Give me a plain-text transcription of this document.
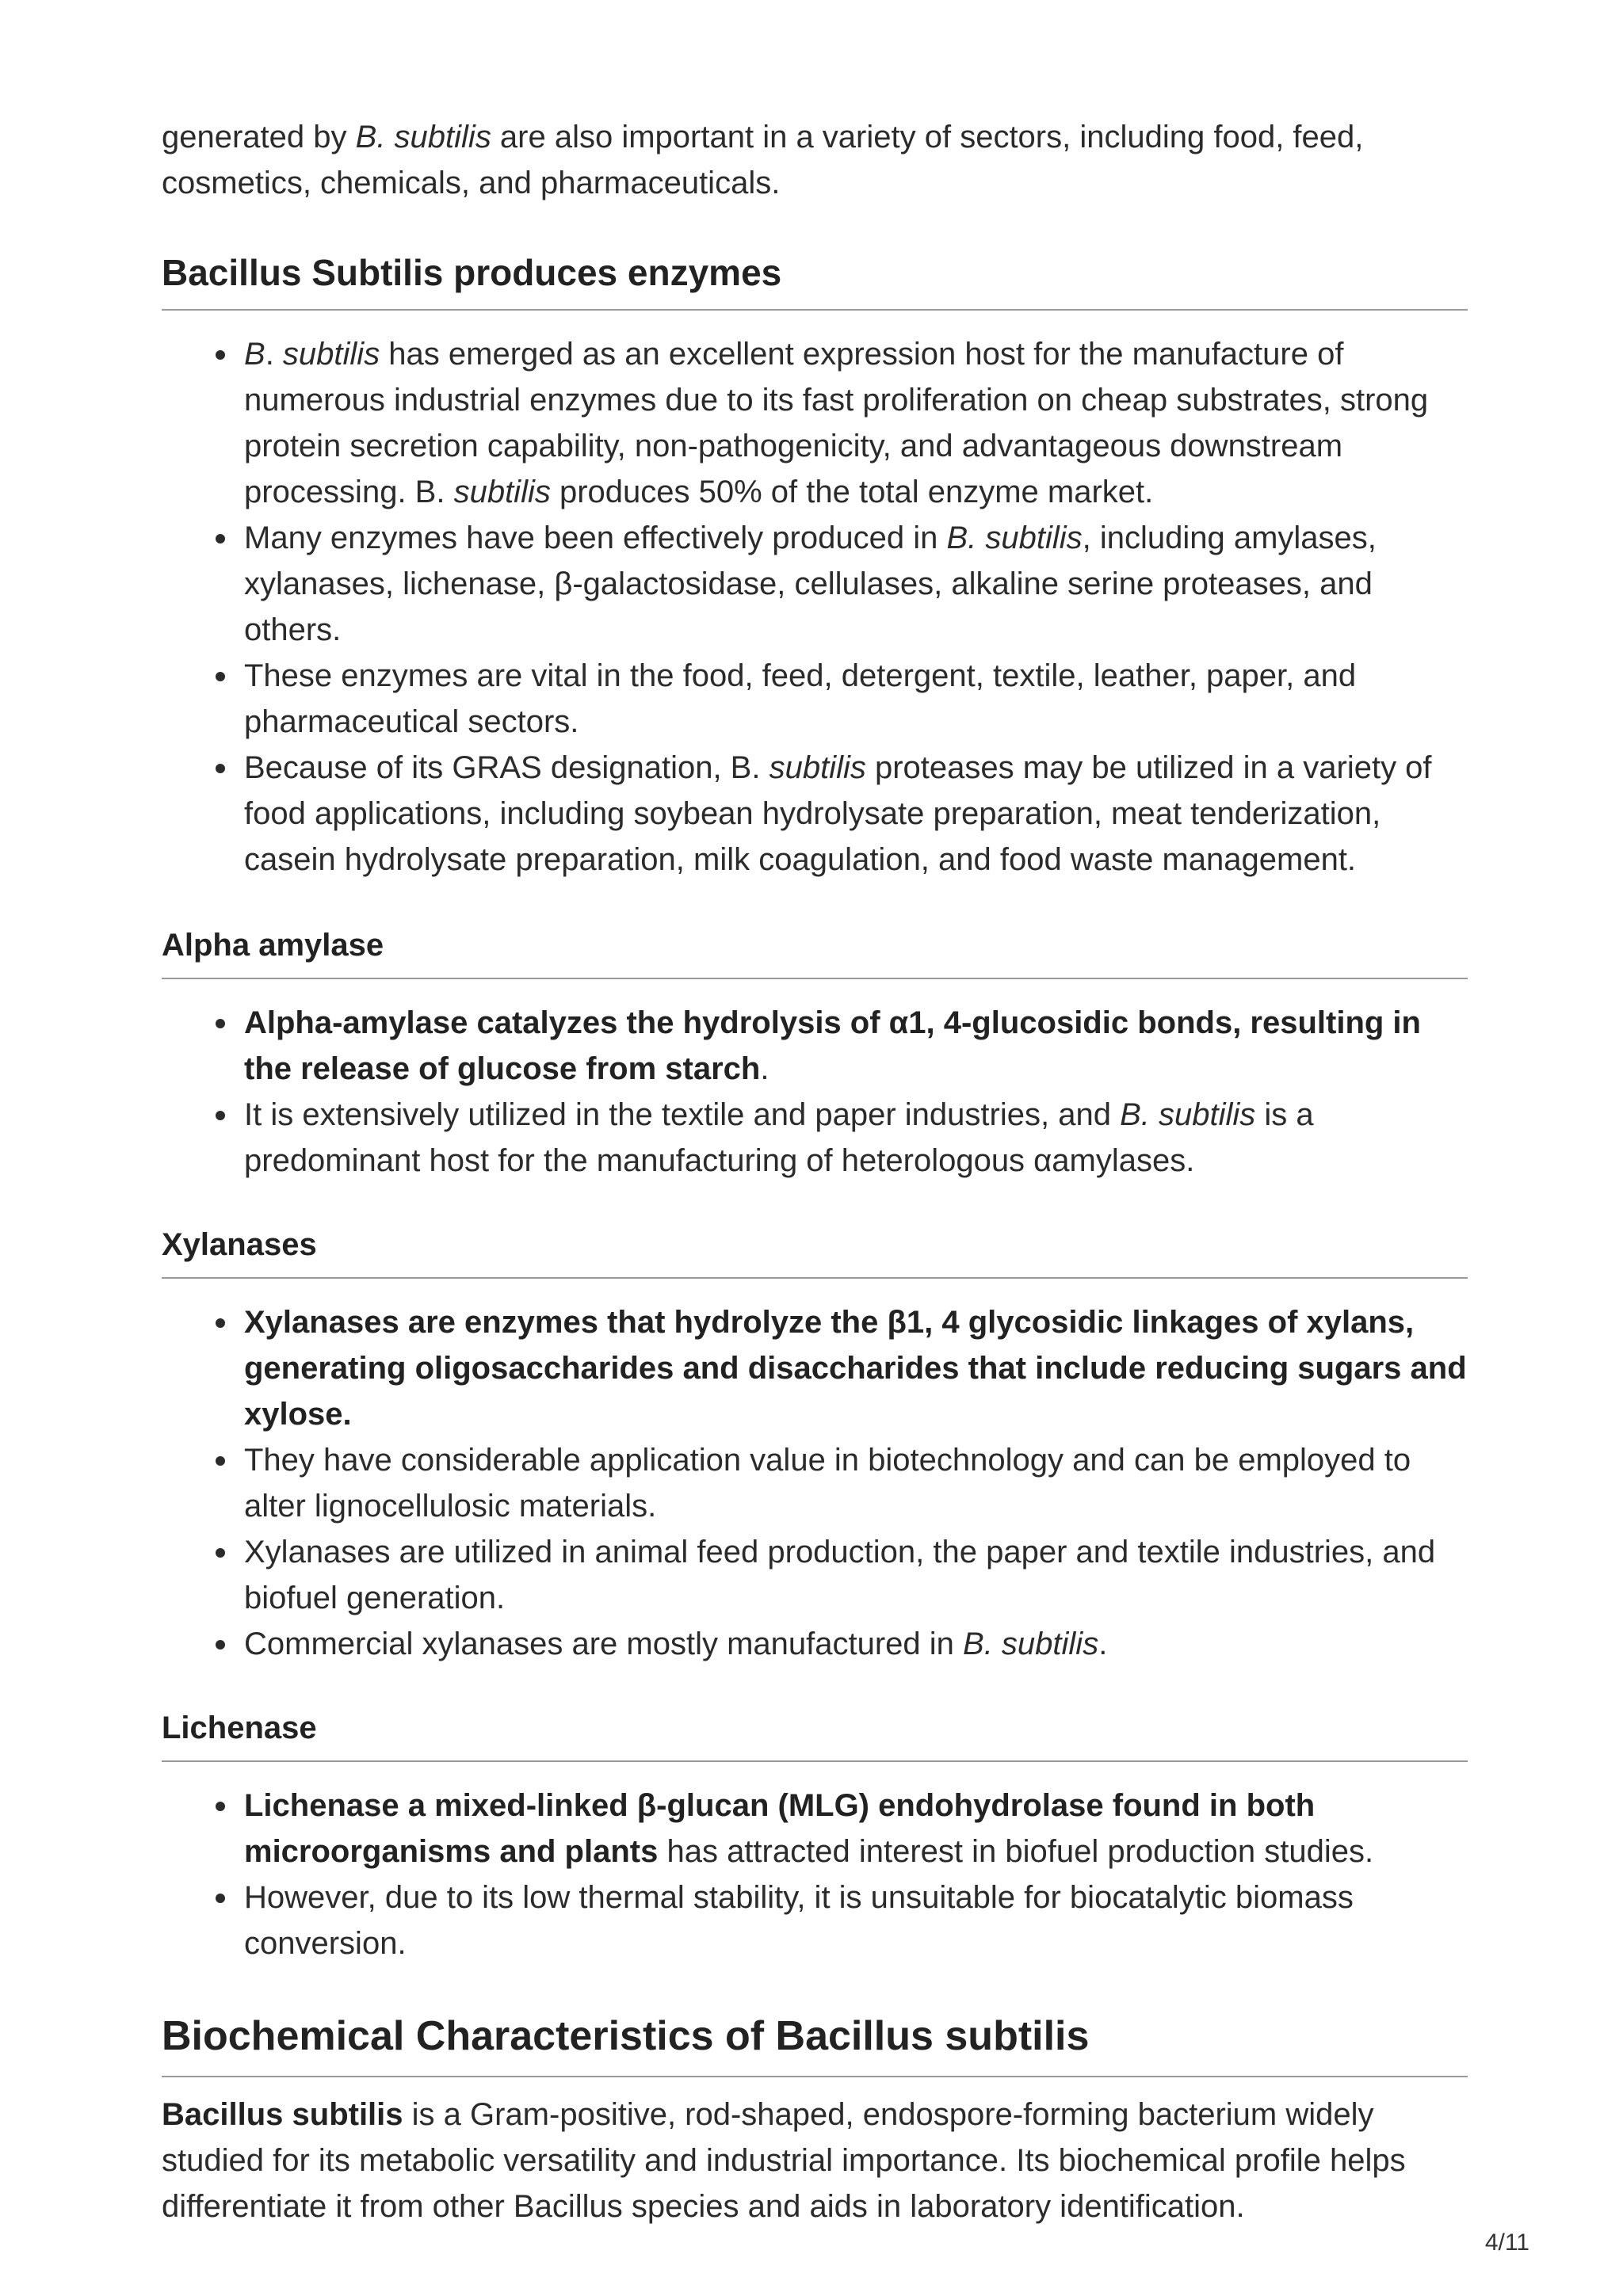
generated by B. subtilis are also important in a variety of sectors, including food, feed, cosmetics, chemicals, and pharmaceuticals.

Bacillus Subtilis produces enzymes
B. subtilis has emerged as an excellent expression host for the manufacture of numerous industrial enzymes due to its fast proliferation on cheap substrates, strong protein secretion capability, non-pathogenicity, and advantageous downstream processing. B. subtilis produces 50% of the total enzyme market.
Many enzymes have been effectively produced in B. subtilis, including amylases, xylanases, lichenase, β-galactosidase, cellulases, alkaline serine proteases, and others.
These enzymes are vital in the food, feed, detergent, textile, leather, paper, and pharmaceutical sectors.
Because of its GRAS designation, B. subtilis proteases may be utilized in a variety of food applications, including soybean hydrolysate preparation, meat tenderization, casein hydrolysate preparation, milk coagulation, and food waste management.
Alpha amylase
Alpha-amylase catalyzes the hydrolysis of α1, 4-glucosidic bonds, resulting in the release of glucose from starch.
It is extensively utilized in the textile and paper industries, and B. subtilis is a predominant host for the manufacturing of heterologous αamylases.
Xylanases
Xylanases are enzymes that hydrolyze the β1, 4 glycosidic linkages of xylans, generating oligosaccharides and disaccharides that include reducing sugars and xylose.
They have considerable application value in biotechnology and can be employed to alter lignocellulosic materials.
Xylanases are utilized in animal feed production, the paper and textile industries, and biofuel generation.
Commercial xylanases are mostly manufactured in B. subtilis.
Lichenase
Lichenase a mixed-linked β-glucan (MLG) endohydrolase found in both microorganisms and plants has attracted interest in biofuel production studies.
However, due to its low thermal stability, it is unsuitable for biocatalytic biomass conversion.
Biochemical Characteristics of Bacillus subtilis

Bacillus subtilis is a Gram-positive, rod-shaped, endospore-forming bacterium widely studied for its metabolic versatility and industrial importance. Its biochemical profile helps differentiate it from other Bacillus species and aids in laboratory identification.

4/11
